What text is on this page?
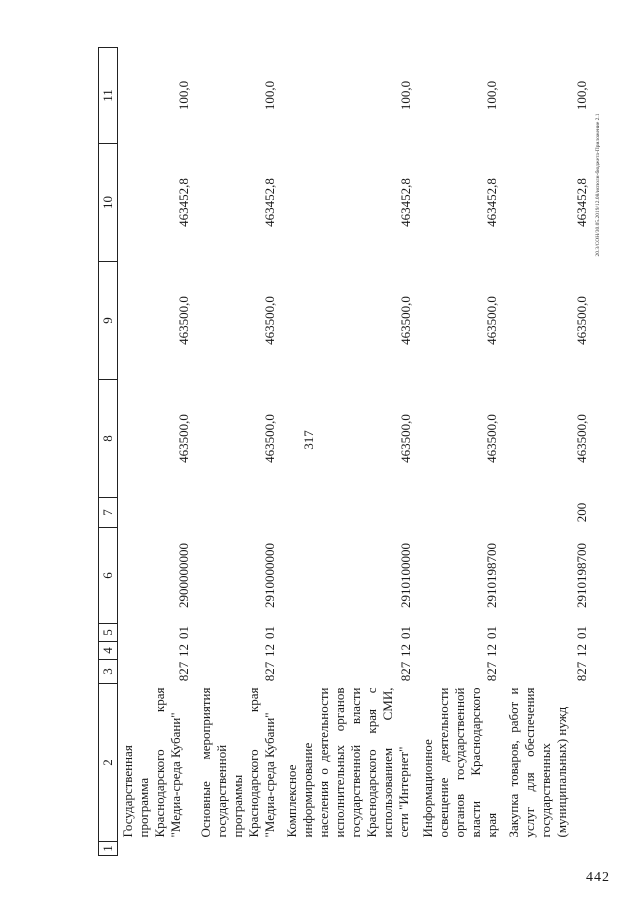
317
20.3/СОН/30.05.2019/12.08/исполн-бюджета-Приложение 2.1
442
1	2	3	4	5	6	7	8	9	10	11
	Государственная программа Краснодарского края "Медиа-среда Кубани"	827	12	01	2900000000		463500,0	463500,0	463452,8	100,0
	Основные мероприятия государственной программы Краснодарского края "Медиа-среда Кубани"	827	12	01	2910000000		463500,0	463500,0	463452,8	100,0
	Комплексное информирование населения о деятельности исполнительных органов государственной власти Краснодарского края с использованием СМИ, сети "Интернет"	827	12	01	2910100000		463500,0	463500,0	463452,8	100,0
	Информационное освещение деятельности органов государственной власти Краснодарского края	827	12	01	2910198700		463500,0	463500,0	463452,8	100,0
	Закупка товаров, работ и услуг для обеспечения государственных (муниципальных) нужд	827	12	01	2910198700	200	463500,0	463500,0	463452,8	100,0
